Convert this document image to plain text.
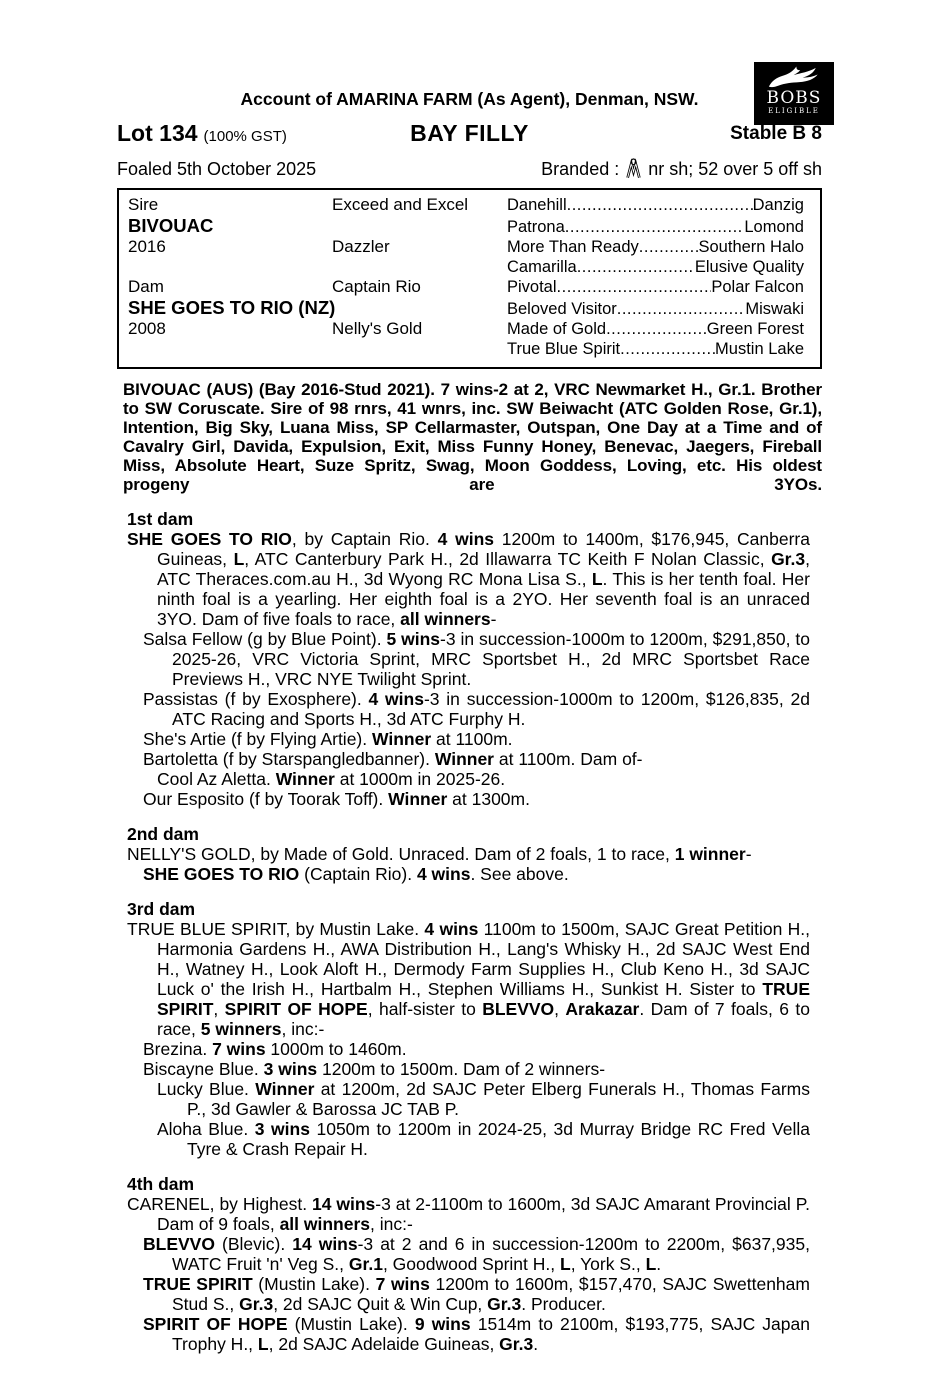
BOBS
ELIGIBLE
Account of AMARINA FARM (As Agent), Denman, NSW.
Lot 134 (100% GST)	BAY FILLY	Stable B 8
Foaled 5th October 2025	Branded :  nr sh; 52 over 5 off sh
Sire	Exceed and Excel	Danehill .....	Danzig
BIVOUAC	Patrona .....	Lomond
2016	Dazzler	More Than Ready .....	Southern Halo
Camarilla .....	Elusive Quality
Dam	Captain Rio	Pivotal .....	Polar Falcon
SHE GOES TO RIO (NZ)	Beloved Visitor .....	Miswaki
2008	Nelly's Gold	Made of Gold .....	Green Forest
True Blue Spirit .....	Mustin Lake

BIVOUAC (AUS) (Bay 2016-Stud 2021). 7 wins-2 at 2, VRC Newmarket H., Gr.1. Brother to SW Coruscate. Sire of 98 rnrs, 41 wnrs, inc. SW Beiwacht (ATC Golden Rose, Gr.1), Intention, Big Sky, Luana Miss, SP Cellarmaster, Outspan, One Day at a Time and of Cavalry Girl, Davida, Expulsion, Exit, Miss Funny Honey, Benevac, Jaegers, Fireball Miss, Absolute Heart, Suze Spritz, Swag, Moon Goddess, Loving, etc. His oldest progeny are 3YOs.

1st dam

SHE GOES TO RIO, by Captain Rio. 4 wins 1200m to 1400m, $176,945, Canberra Guineas, L, ATC Canterbury Park H., 2d Illawarra TC Keith F Nolan Classic, Gr.3, ATC Theraces.com.au H., 3d Wyong RC Mona Lisa S., L. This is her tenth foal. Her ninth foal is a yearling. Her eighth foal is a 2YO. Her seventh foal is an unraced 3YO. Dam of five foals to race, all winners-

Salsa Fellow (g by Blue Point). 5 wins-3 in succession-1000m to 1200m, $291,850, to 2025-26, VRC Victoria Sprint, MRC Sportsbet H., 2d MRC Sportsbet Race Previews H., VRC NYE Twilight Sprint.

Passistas (f by Exosphere). 4 wins-3 in succession-1000m to 1200m, $126,835, 2d ATC Racing and Sports H., 3d ATC Furphy H.

She's Artie (f by Flying Artie). Winner at 1100m.

Bartoletta (f by Starspangledbanner). Winner at 1100m. Dam of-

Cool Az Aletta. Winner at 1000m in 2025-26.

Our Esposito (f by Toorak Toff). Winner at 1300m.

2nd dam

NELLY'S GOLD, by Made of Gold. Unraced. Dam of 2 foals, 1 to race, 1 winner-

SHE GOES TO RIO (Captain Rio). 4 wins. See above.

3rd dam

TRUE BLUE SPIRIT, by Mustin Lake. 4 wins 1100m to 1500m, SAJC Great Petition H., Harmonia Gardens H., AWA Distribution H., Lang's Whisky H., 2d SAJC West End H., Watney H., Look Aloft H., Dermody Farm Supplies H., Club Keno H., 3d SAJC Luck o' the Irish H., Hartbalm H., Stephen Williams H., Sunkist H. Sister to TRUE SPIRIT, SPIRIT OF HOPE, half-sister to BLEVVO, Arakazar. Dam of 7 foals, 6 to race, 5 winners, inc:-

Brezina. 7 wins 1000m to 1460m.

Biscayne Blue. 3 wins 1200m to 1500m. Dam of 2 winners-

Lucky Blue. Winner at 1200m, 2d SAJC Peter Elberg Funerals H., Thomas Farms P., 3d Gawler & Barossa JC TAB P.

Aloha Blue. 3 wins 1050m to 1200m in 2024-25, 3d Murray Bridge RC Fred Vella Tyre & Crash Repair H.

4th dam

CARENEL, by Highest. 14 wins-3 at 2-1100m to 1600m, 3d SAJC Amarant Provincial P. Dam of 9 foals, all winners, inc:-

BLEVVO (Blevic). 14 wins-3 at 2 and 6 in succession-1200m to 2200m, $637,935, WATC Fruit 'n' Veg S., Gr.1, Goodwood Sprint H., L, York S., L.

TRUE SPIRIT (Mustin Lake). 7 wins 1200m to 1600m, $157,470, SAJC Swettenham Stud S., Gr.3, 2d SAJC Quit & Win Cup, Gr.3. Producer.

SPIRIT OF HOPE (Mustin Lake). 9 wins 1514m to 2100m, $193,775, SAJC Japan Trophy H., L, 2d SAJC Adelaide Guineas, Gr.3.
